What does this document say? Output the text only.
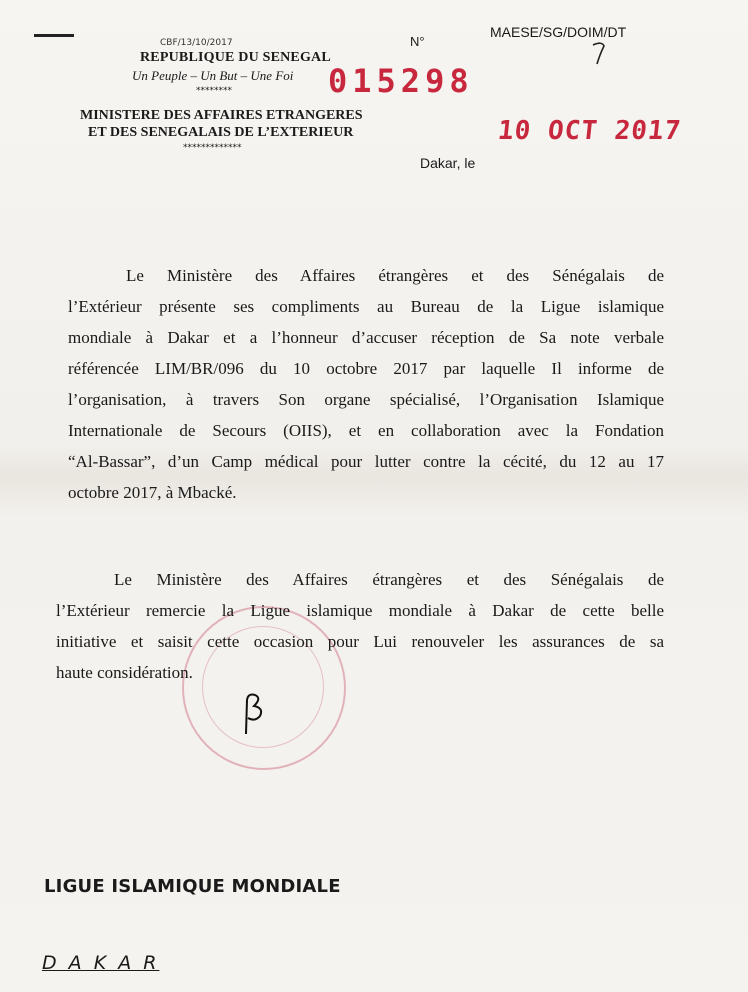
CBF/13/10/2017
REPUBLIQUE DU SENEGAL
Un Peuple – Un But – Une Foi
********
MINISTERE DES AFFAIRES ETRANGERES
ET DES SENEGALAIS DE L’EXTERIEUR
*************
N°
MAESE/SG/DOIM/DT
015298
10 OCT 2017
Dakar, le
Le Ministère des Affaires étrangères et des Sénégalais de
l’Extérieur présente ses compliments au Bureau de la Ligue islamique
mondiale à Dakar et a l’honneur d’accuser réception de Sa note verbale
référencée LIM/BR/096 du 10 octobre 2017 par laquelle Il informe de
l’organisation, à travers Son organe spécialisé, l’Organisation Islamique
Internationale de Secours (OIIS), et en collaboration avec la Fondation
“Al-Bassar”, d’un Camp médical pour lutter contre la cécité, du 12 au 17
octobre 2017, à Mbacké.
Le Ministère des Affaires étrangères et des Sénégalais de
l’Extérieur remercie la Ligue islamique mondiale à Dakar de cette belle
initiative et saisit cette occasion pour Lui renouveler les assurances de sa
haute considération.
LIGUE ISLAMIQUE MONDIALE
D A K A R
